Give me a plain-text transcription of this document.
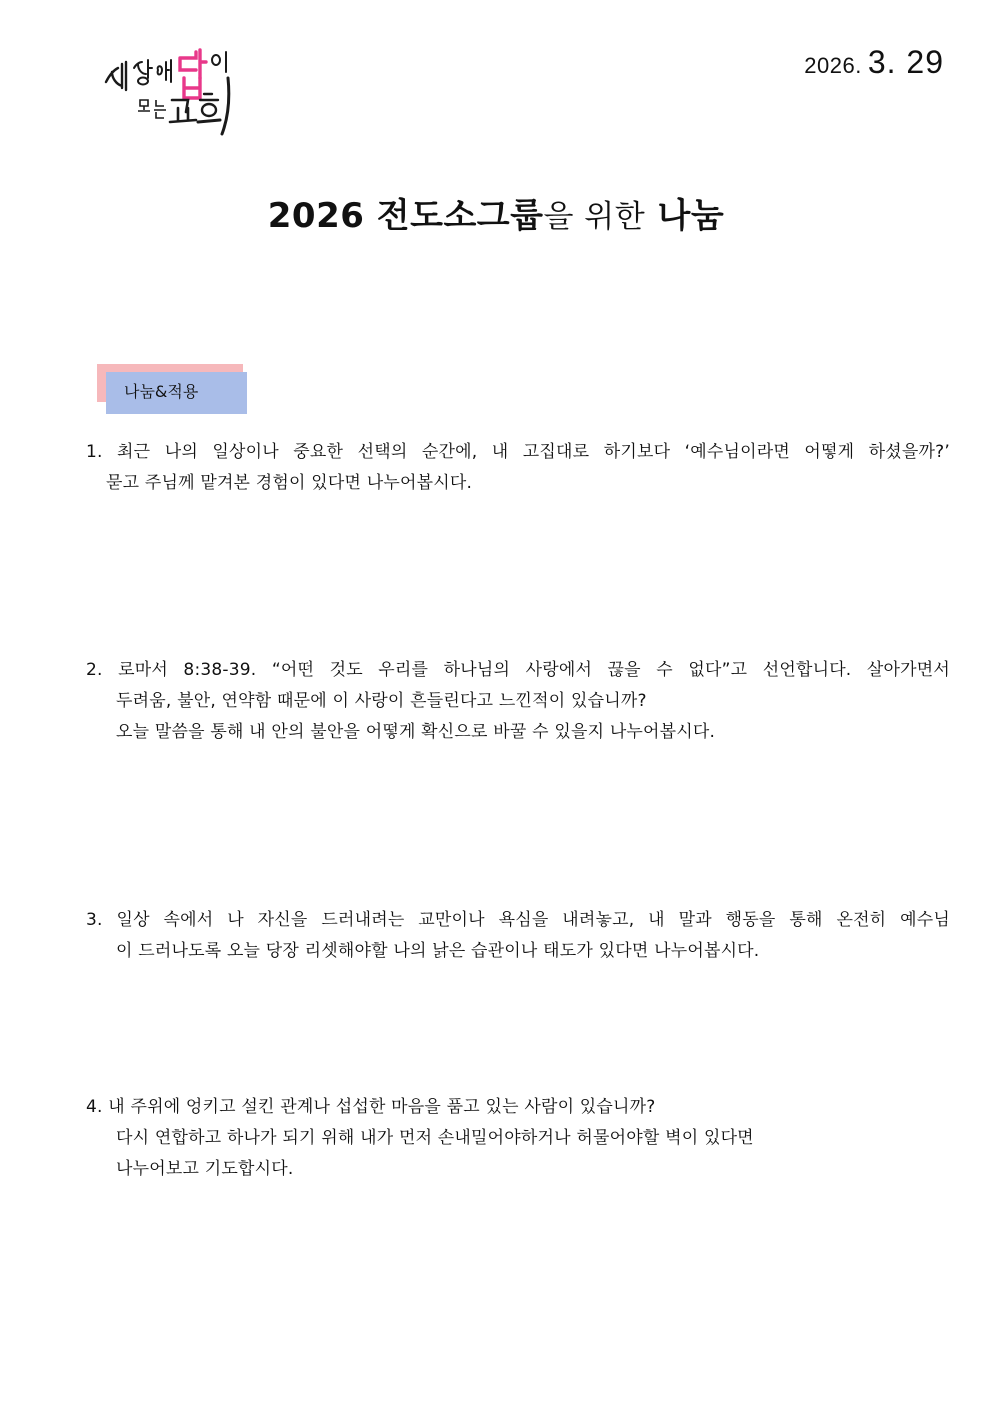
2026. 3. 29
2026 전도소그룹을 위한 나눔
나눔&적용
1. 최근 나의 일상이나 중요한 선택의 순간에, 내 고집대로 하기보다 ‘예수님이라면 어떻게 하셨을까?’
묻고 주님께 맡겨본 경험이 있다면 나누어봅시다.
2. 로마서 8:38-39. “어떤 것도 우리를 하나님의 사랑에서 끊을 수 없다”고 선언합니다. 살아가면서
두려움, 불안, 연약함 때문에 이 사랑이 흔들린다고 느낀적이 있습니까?
오늘 말씀을 통해 내 안의 불안을 어떻게 확신으로 바꿀 수 있을지 나누어봅시다.
3. 일상 속에서 나 자신을 드러내려는 교만이나 욕심을 내려놓고, 내 말과 행동을 통해 온전히 예수님
이 드러나도록 오늘 당장 리셋해야할 나의 낡은 습관이나 태도가 있다면 나누어봅시다.
4. 내 주위에 엉키고 설킨 관계나 섭섭한 마음을 품고 있는 사람이 있습니까?
다시 연합하고 하나가 되기 위해 내가 먼저 손내밀어야하거나 허물어야할 벽이 있다면
나누어보고 기도합시다.
